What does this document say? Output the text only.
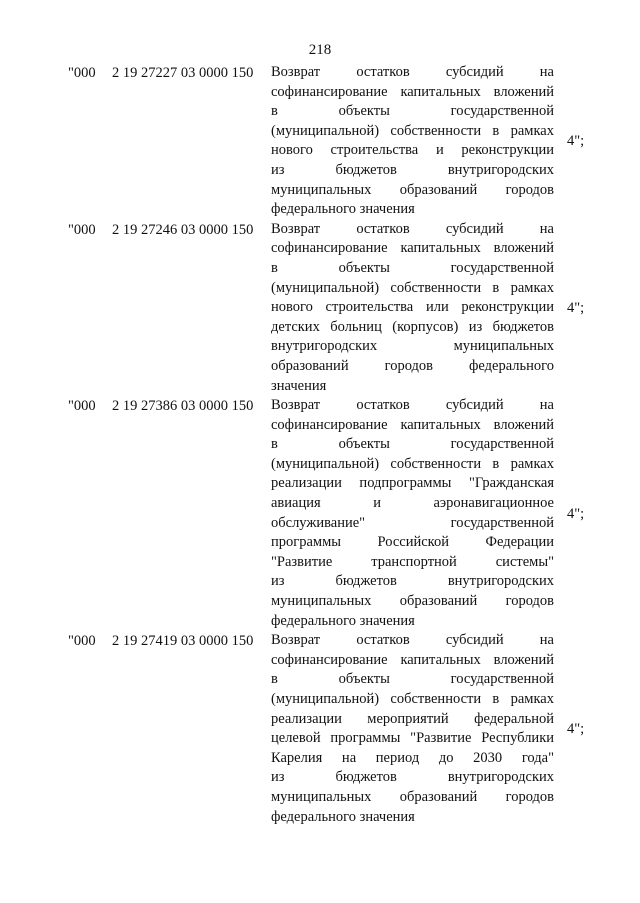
218
"000 2 19 27227 03 0000 150 Возврат остатков субсидий на
софинансирование капитальных вложений
в объекты государственной
(муниципальной) собственности в рамках
нового строительства и реконструкции
из бюджетов внутригородских
муниципальных образований городов
федерального значения
4";
"000 2 19 27246 03 0000 150 Возврат остатков субсидий на
софинансирование капитальных вложений
в объекты государственной
(муниципальной) собственности в рамках
нового строительства или реконструкции
детских больниц (корпусов) из бюджетов
внутригородских муниципальных
образований городов федерального
значения
4";
"000 2 19 27386 03 0000 150 Возврат остатков субсидий на
софинансирование капитальных вложений
в объекты государственной
(муниципальной) собственности в рамках
реализации подпрограммы "Гражданская
авиация и аэронавигационное
обслуживание" государственной
программы Российской Федерации
"Развитие транспортной системы"
из бюджетов внутригородских
муниципальных образований городов
федерального значения
4";
"000 2 19 27419 03 0000 150 Возврат остатков субсидий на
софинансирование капитальных вложений
в объекты государственной
(муниципальной) собственности в рамках
реализации мероприятий федеральной
целевой программы "Развитие Республики
Карелия на период до 2030 года"
из бюджетов внутригородских
муниципальных образований городов
федерального значения
4";
